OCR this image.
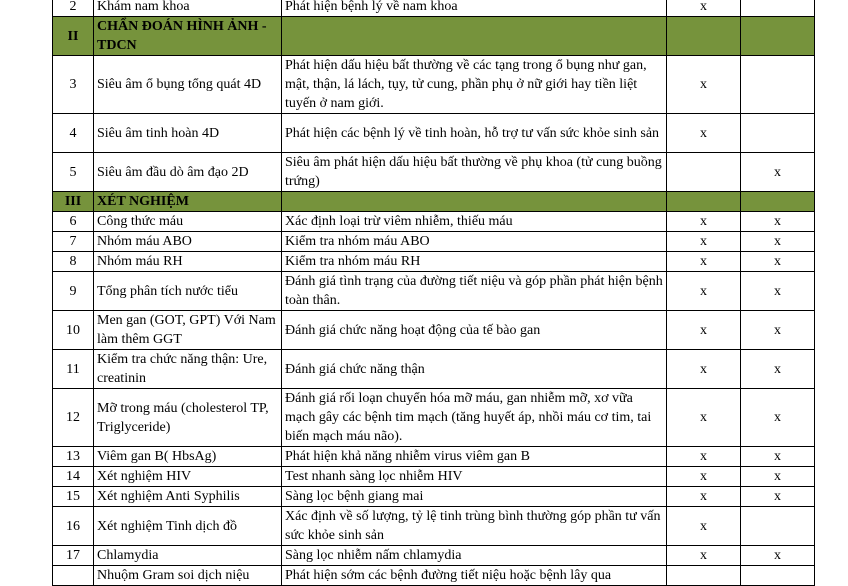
2	Khám nam khoa	Phát hiện bệnh lý về nam khoa	x	
II	CHẨN ĐOÁN HÌNH ẢNH - TDCN			
3	Siêu âm ổ bụng tổng quát 4D	Phát hiện dấu hiệu bất thường về các tạng trong ổ bụng như gan, mật, thận, lá lách, tụy, tử cung, phần phụ ở nữ giới hay tiền liệt tuyến ở nam giới.	x	
4	Siêu âm tinh hoàn 4D	Phát hiện các bệnh lý về tinh hoàn, hỗ trợ tư vấn sức khỏe sinh sản	x	
5	Siêu âm đầu dò âm đạo 2D	Siêu âm phát hiện dấu hiệu bất thường về phụ khoa (tử cung buồng trứng)		x
III	XÉT NGHIỆM			
6	Công thức máu	Xác định loại trừ viêm nhiễm, thiếu máu	x	x
7	Nhóm máu ABO	Kiểm tra nhóm máu ABO	x	x
8	Nhóm máu RH	Kiểm tra nhóm máu RH	x	x
9	Tổng phân tích nước tiểu	Đánh giá tình trạng của đường tiết niệu và góp phần phát hiện bệnh toàn thân.	x	x
10	Men gan (GOT, GPT) Với Nam làm thêm GGT	Đánh giá chức năng hoạt động của tế bào gan	x	x
11	Kiểm tra chức năng thận: Ure, creatinin	Đánh giá chức năng thận	x	x
12	Mỡ trong máu (cholesterol TP, Triglyceride)	Đánh giá rối loạn chuyển hóa mỡ máu, gan nhiễm mỡ, xơ vữa mạch gây các bệnh tim mạch (tăng huyết áp, nhồi máu cơ tim, tai biến mạch máu não).	x	x
13	Viêm gan B( HbsAg)	Phát hiện khả năng nhiễm virus viêm gan B	x	x
14	Xét nghiệm HIV	Test nhanh sàng lọc nhiễm HIV	x	x
15	Xét nghiệm Anti Syphilis	Sàng lọc bệnh giang mai	x	x
16	Xét nghiệm Tinh dịch đồ	Xác định về số lượng, tỷ lệ tinh trùng bình thường góp phần tư vấn sức khỏe sinh sản	x	
17	Chlamydia	Sàng lọc nhiễm nấm chlamydia	x	x
	Nhuộm Gram soi dịch niệu	Phát hiện sớm các bệnh đường tiết niệu hoặc bệnh lây qua		
